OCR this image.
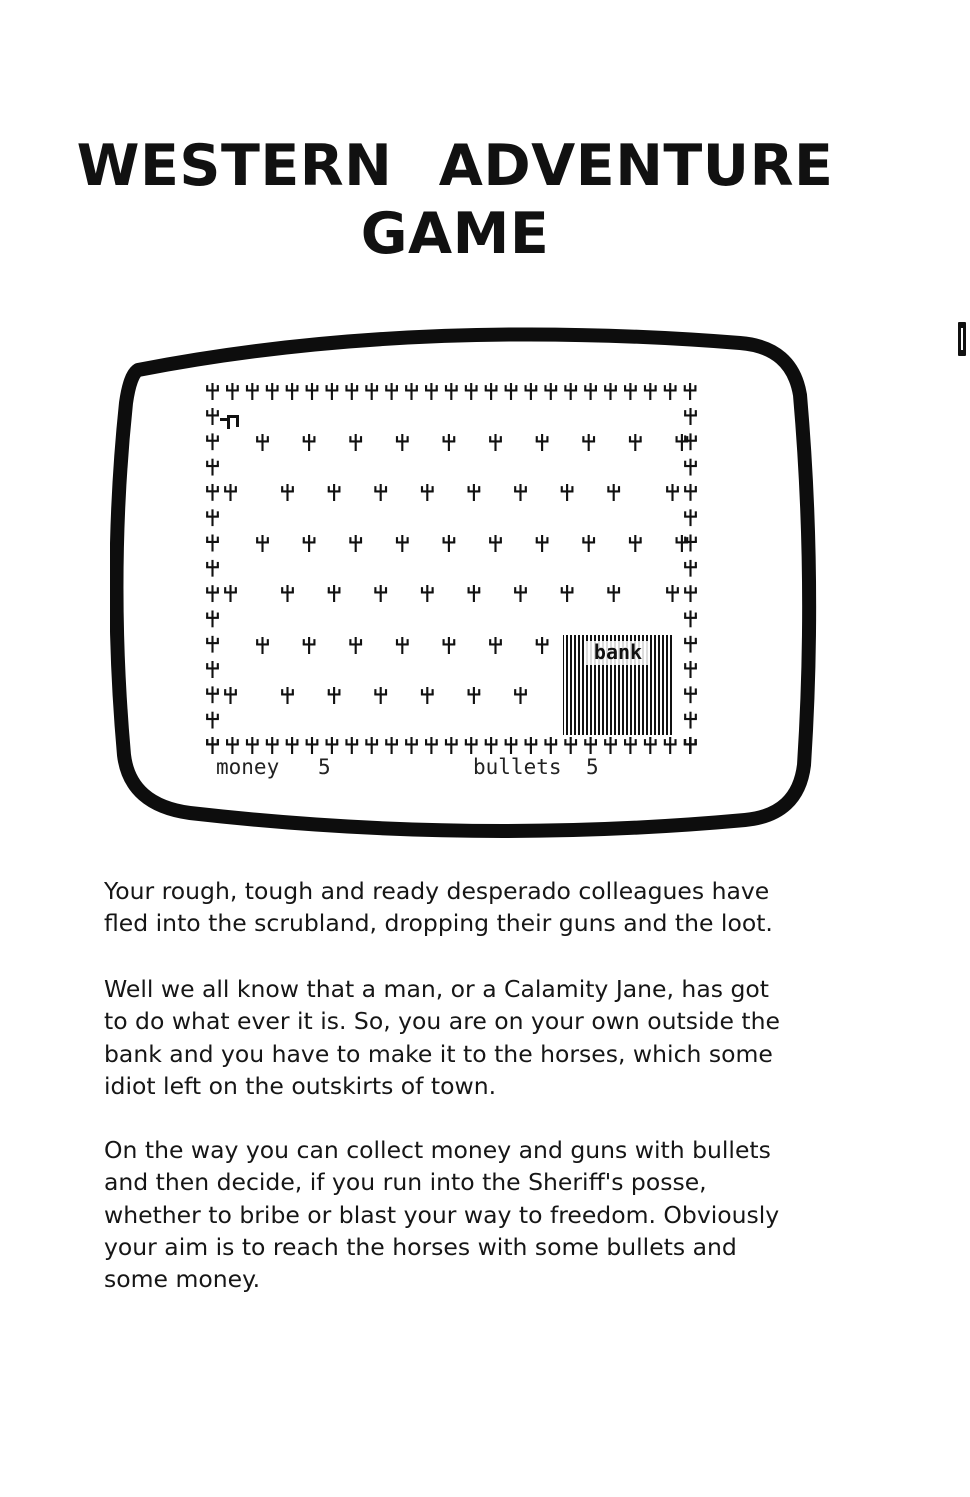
WESTERN ADVENTURE
GAME
bank
money 5	bullets 5

Your rough, tough and ready desperado colleagues have
fled into the scrubland, dropping their guns and the loot.

Well we all know that a man, or a Calamity Jane, has got
to do what ever it is. So, you are on your own outside the
bank and you have to make it to the horses, which some
idiot left on the outskirts of town.

On the way you can collect money and guns with bullets
and then decide, if you run into the Sheriff's posse,
whether to bribe or blast your way to freedom. Obviously
your aim is to reach the horses with some bullets and
some money.
